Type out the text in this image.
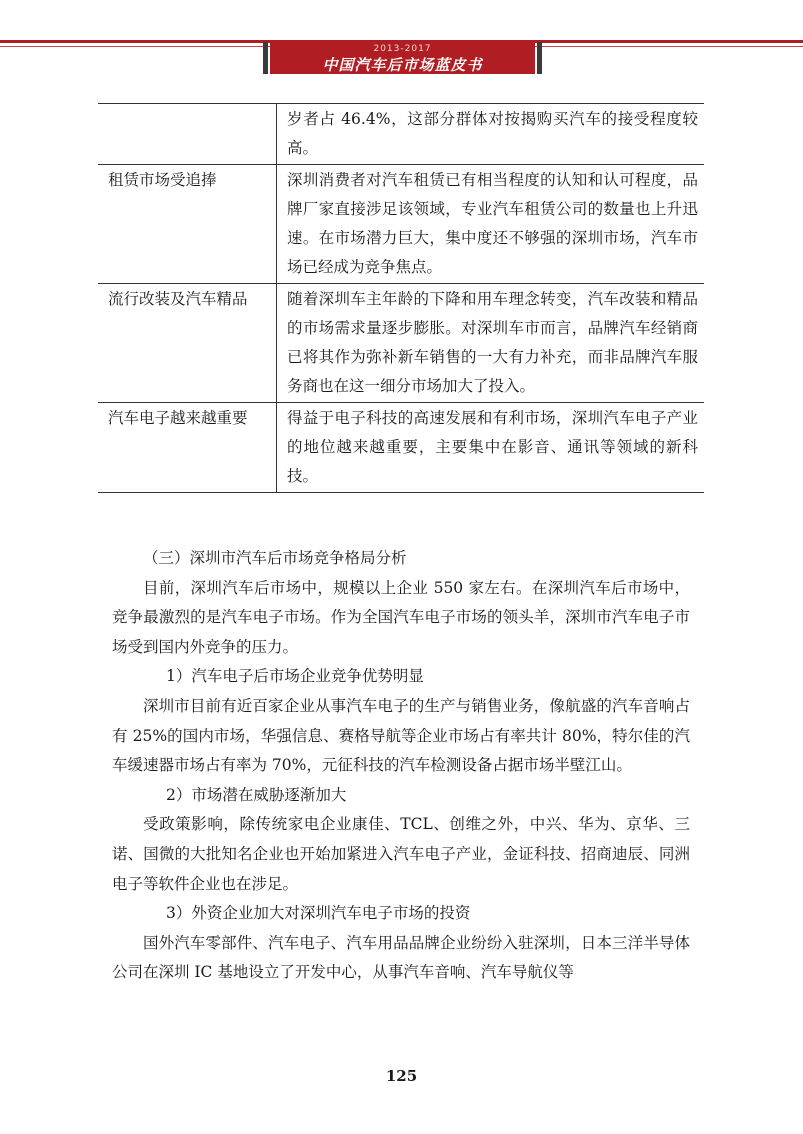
2013-2017
中国汽车后市场蓝皮书
	岁者占 46.4%，这部分群体对按揭购买汽车的接受程度较高。
租赁市场受追捧	深圳消费者对汽车租赁已有相当程度的认知和认可程度，品牌厂家直接涉足该领域，专业汽车租赁公司的数量也上升迅速。在市场潜力巨大，集中度还不够强的深圳市场，汽车市场已经成为竞争焦点。
流行改装及汽车精品	随着深圳车主年龄的下降和用车理念转变，汽车改装和精品的市场需求量逐步膨胀。对深圳车市而言，品牌汽车经销商已将其作为弥补新车销售的一大有力补充，而非品牌汽车服务商也在这一细分市场加大了投入。
汽车电子越来越重要	得益于电子科技的高速发展和有利市场，深圳汽车电子产业的地位越来越重要，主要集中在影音、通讯等领域的新科技。

（三）深圳市汽车后市场竞争格局分析

目前，深圳汽车后市场中，规模以上企业 550 家左右。在深圳汽车后市场中，竞争最激烈的是汽车电子市场。作为全国汽车电子市场的领头羊，深圳市汽车电子市场受到国内外竞争的压力。

1）汽车电子后市场企业竞争优势明显

深圳市目前有近百家企业从事汽车电子的生产与销售业务，像航盛的汽车音响占有 25%的国内市场，华强信息、赛格导航等企业市场占有率共计 80%，特尔佳的汽车缓速器市场占有率为 70%，元征科技的汽车检测设备占据市场半壁江山。

2）市场潜在威胁逐渐加大

受政策影响，除传统家电企业康佳、TCL、创维之外，中兴、华为、京华、三诺、国微的大批知名企业也开始加紧进入汽车电子产业，金证科技、招商迪辰、同洲电子等软件企业也在涉足。

3）外资企业加大对深圳汽车电子市场的投资

国外汽车零部件、汽车电子、汽车用品品牌企业纷纷入驻深圳，日本三洋半导体公司在深圳 IC 基地设立了开发中心，从事汽车音响、汽车导航仪等

125
